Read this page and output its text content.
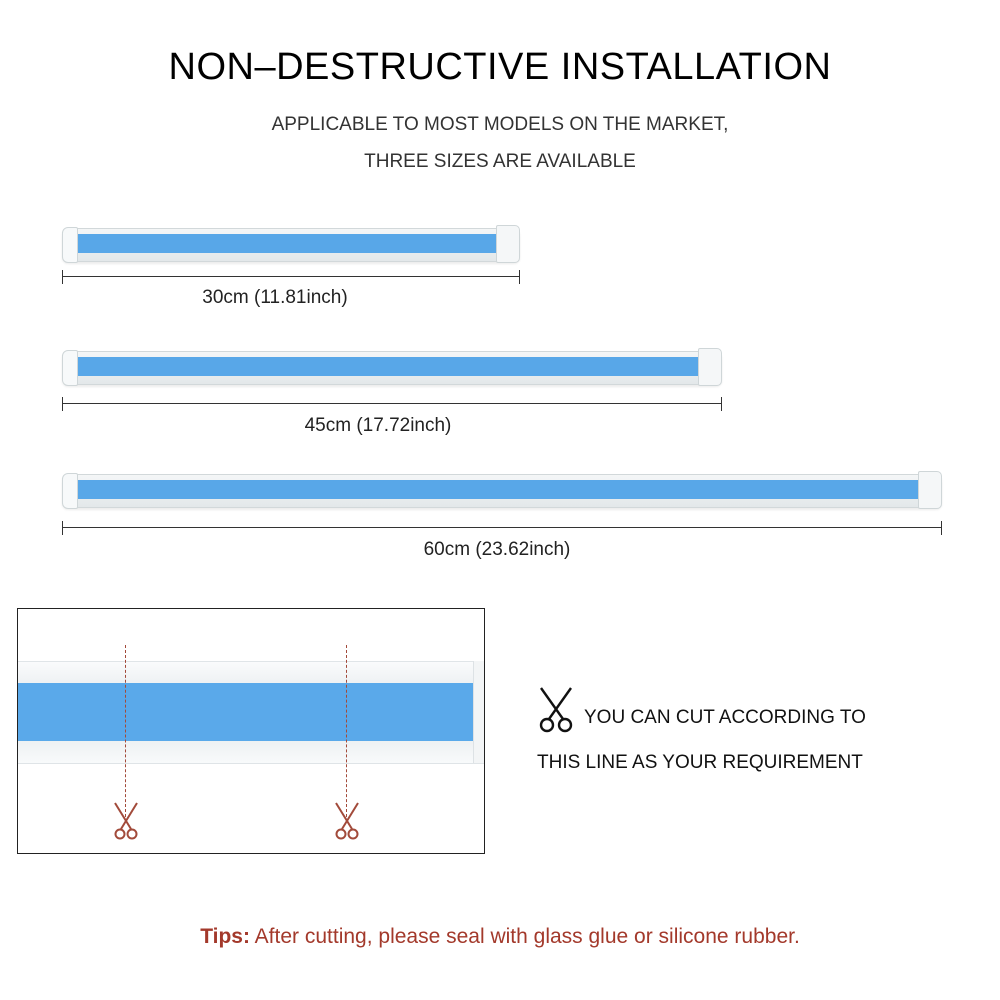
NON–DESTRUCTIVE INSTALLATION
APPLICABLE TO MOST MODELS ON THE MARKET,
THREE SIZES ARE AVAILABLE
30cm (11.81inch)
45cm (17.72inch)
60cm (23.62inch)
YOU CAN CUT ACCORDING TO
THIS LINE AS YOUR REQUIREMENT
Tips: After cutting, please seal with glass glue or silicone rubber.
